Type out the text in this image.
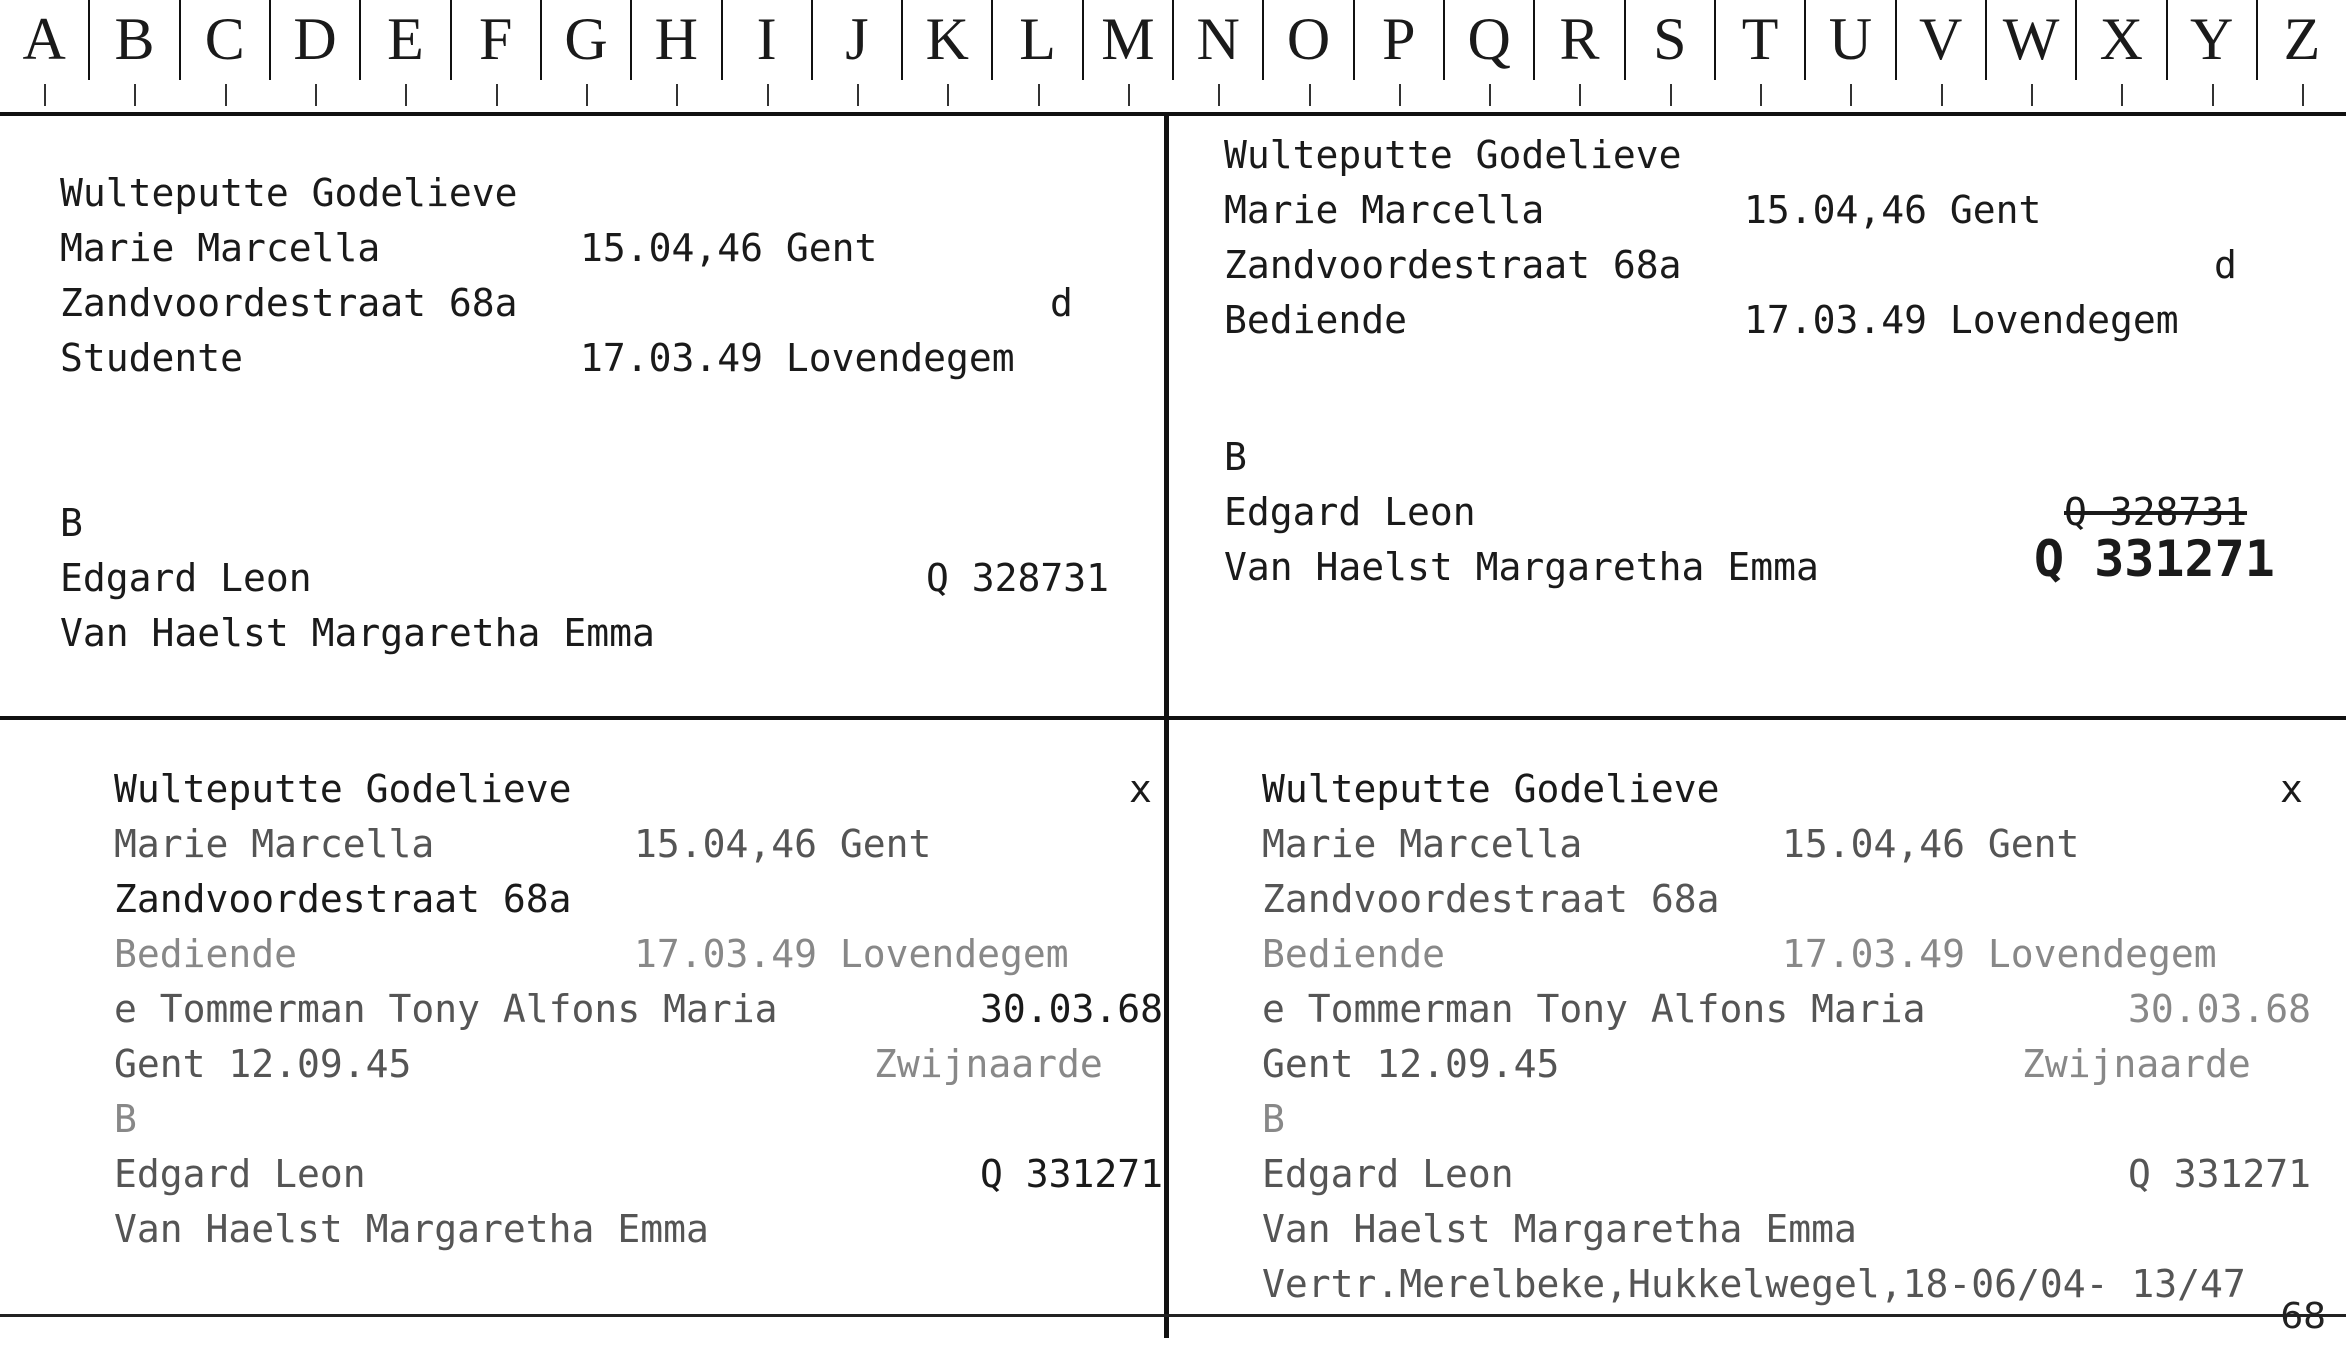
A B C D E F G H I	J K L M N O P Q R S T U V W X Y Z
Wulteputte Godelieve

Marie Marcella

	15.04,46 Gent

Zandvoordestraat 68a

	d

Studente

	17.03.49 Lovendegem

B

Edgard Leon

	Q 328731

Van Haelst Margaretha Emma
Wulteputte Godelieve

Marie Marcella

	15.04,46 Gent

Zandvoordestraat 68a

	d

Bediende

	17.03.49 Lovendegem

B

Edgard Leon

	Q 328731

Van Haelst Margaretha Emma

	Q 331271

Wulteputte Godelieve

	x

Marie Marcella

	15.04,46 Gent

Zandvoordestraat 68a

Bediende

	17.03.49 Lovendegem

e Tommerman Tony Alfons Maria

	30.03.68

Gent 12.09.45

	Zwijnaarde

B

Edgard Leon

	Q 331271

Van Haelst Margaretha Emma

Wulteputte Godelieve

	x

Marie Marcella

	15.04,46 Gent

Zandvoordestraat 68a

Bediende

	17.03.49 Lovendegem

e Tommerman Tony Alfons Maria

	30.03.68

Gent 12.09.45

	Zwijnaarde

B

Edgard Leon

	Q 331271

Van Haelst Margaretha Emma
Vertr.Merelbeke,Hukkelwegel,18-06/04- 13/47
68
